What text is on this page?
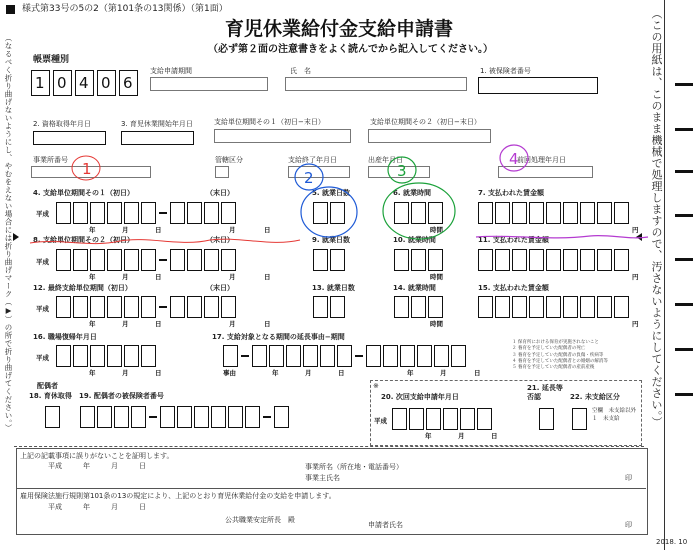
様式第33号の5の2（第101条の13関係）（第1面）
育児休業給付金支給申請書
（必ず第２面の注意書きをよく読んでから記入してください。）
（なるべく折り曲げないようにし、やむをえない場合には折り曲げマーク（▶）の所で折り曲げてください。）	（この用紙は、このまま機械で処理しますので、汚さないようにしてください。）
帳票種別
1 0 4 0 6
支給申請期間	氏　名	1. 被保険者番号
2. 資格取得年月日	3. 育児休業開始年月日	支給単位期間その１（初日−末日）	支給単位期間その２（初日−末日）
事業所番号	管轄区分	支給終了年月日	出産年月日	前回処理年月日
4. 支給単位期間その１（初日）	（末日）	5. 就業日数	6. 就業時間	7. 支払われた賃金額
平成
年	月	日	月	日	時間	円
8. 支給単位期間その２（初日）	（末日）	9. 就業日数	10. 就業時間	11. 支払われた賃金額
平成
年	月	日	月	日	時間	円
12. 最終支給単位期間（初日）	（末日）	13. 就業日数	14. 就業時間	15. 支払われた賃金額
平成
年	月	日	月	日	時間	円
16. 職場復帰年月日	17. 支給対象となる期間の延長事由−期間
平成
年	月	日	事由	年	月	日	年	月	日
１ 保育所における保育が実施されないこと
２ 養育を予定していた配偶者の死亡
３ 養育を予定していた配偶者の負傷・疾病等
４ 養育を予定していた配偶者との婚姻の解消等
５ 養育を予定していた配偶者の産前産後
配偶者
18. 育休取得 19. 配偶者の被保険者番号
※
20. 次回支給申請年月日
平成
年	月	日
21. 延長等
否認	22. 未支給区分
空欄　未支給以外
１　未支給
上記の記載事項に誤りがないことを証明します。
平成　　　年　　　月　　　日	事業所名（所在地・電話番号）
事業主氏名	印
雇用保険法施行規則第101条の13の規定により、上記のとおり育児休業給付金の支給を申請します。
平成　　　年　　　月　　　日
公共職業安定所長　殿
申請者氏名	印
2018. 10
1	2	3
4
